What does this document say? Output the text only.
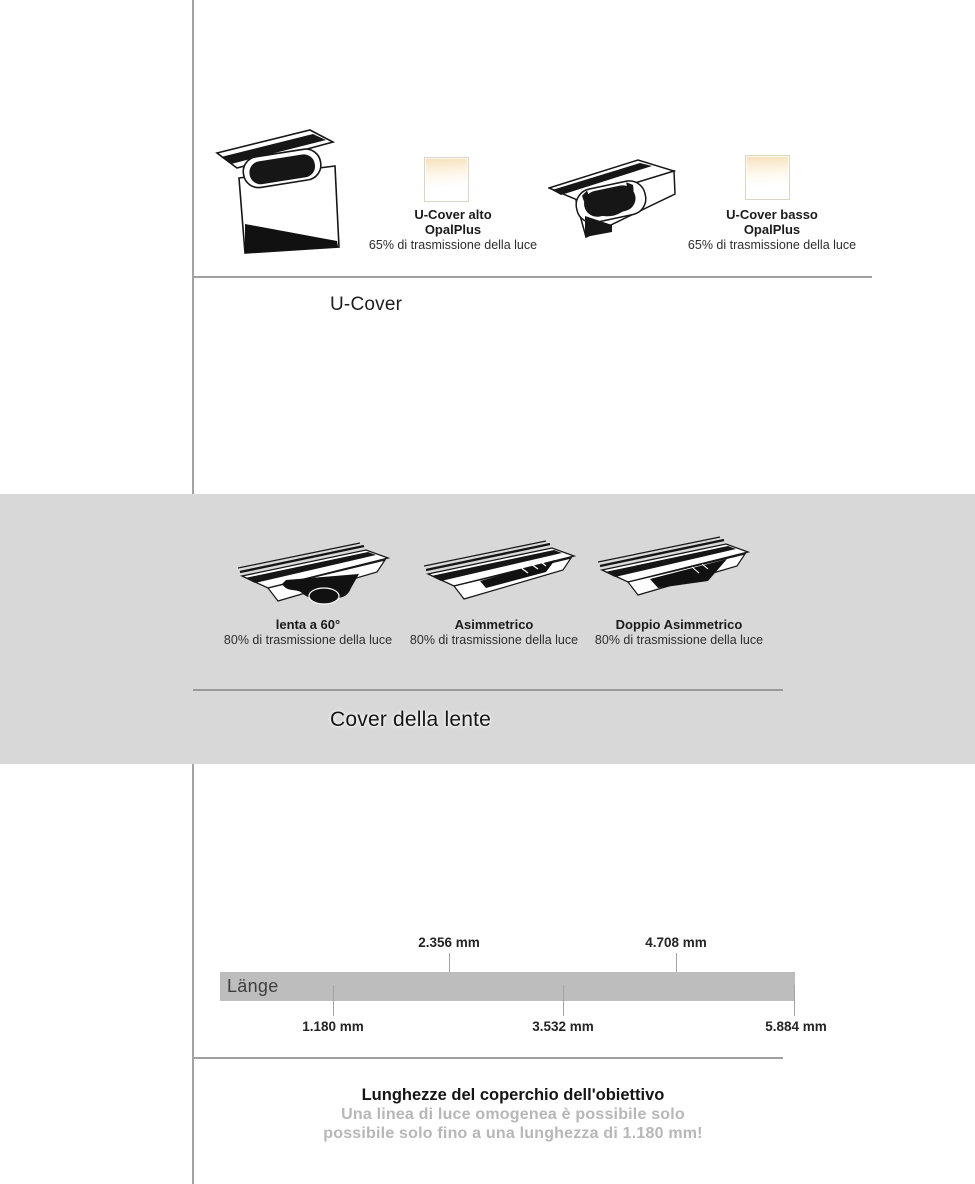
U-Cover alto
OpalPlus
65% di trasmissione della luce
U-Cover basso
OpalPlus
65% di trasmissione della luce
U-Cover
lenta a 60°
80% di trasmissione della luce
Asimmetrico
80% di trasmissione della luce
Doppio Asimmetrico
80% di trasmissione della luce
Cover della lente
2.356 mm	4.708 mm
Länge
1.180 mm	3.532 mm	5.884 mm
Lunghezze del coperchio dell'obiettivo
Una linea di luce omogenea è possibile solo
possibile solo fino a una lunghezza di 1.180 mm!
